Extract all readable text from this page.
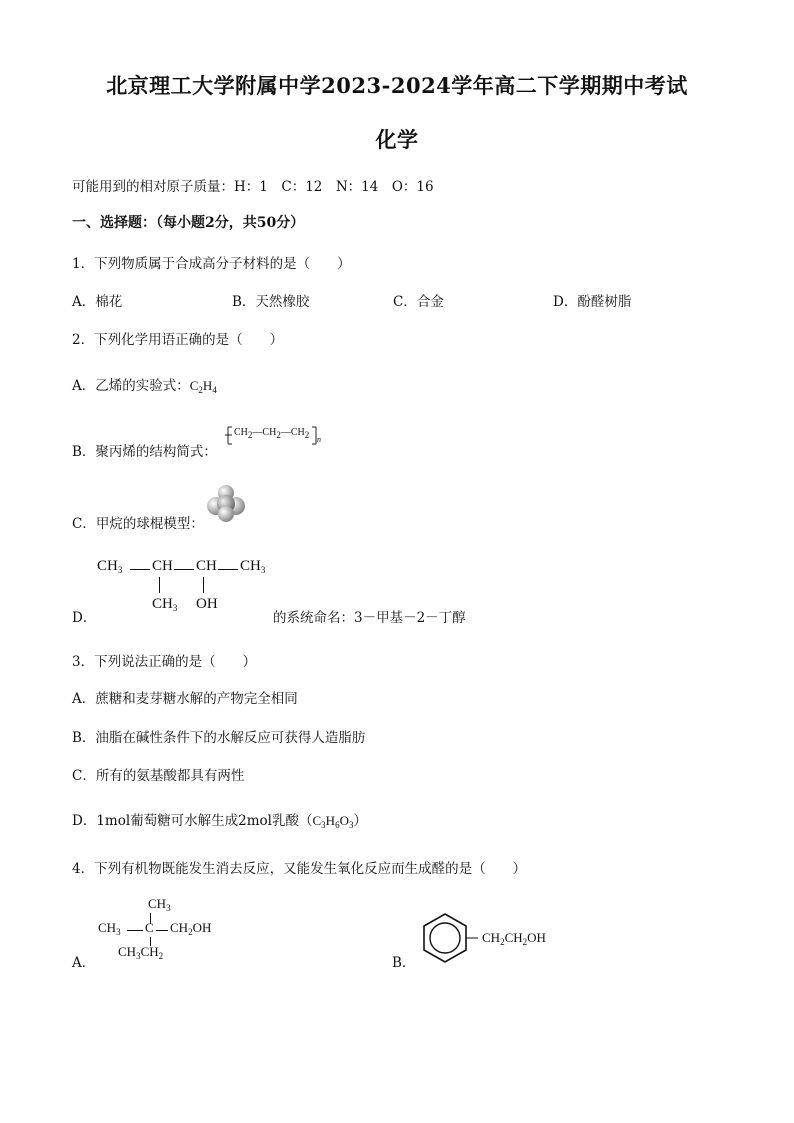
北京理工大学附属中学2023-2024学年高二下学期期中考试
化学
可能用到的相对原子质量：H：1　C：12　N：14　O：16
一、选择题：（每小题2分，共50分）
1．下列物质属于合成高分子材料的是（　　）
A．棉花	B．天然橡胶	C．合金	D．酚醛树脂
2．下列化学用语正确的是（　　）
A．乙烯的实验式：$C_2H_4$
B．聚丙烯的结构简式：
$CH_2—CH_2—CH_2$ n
C．甲烷的球棍模型：
$CH_3$ CH CH $CH_3$
$CH_3$ OH
D．	的系统命名：3－甲基－2－丁醇
3．下列说法正确的是（　　）
A．蔗糖和麦芽糖水解的产物完全相同
B．油脂在碱性条件下的水解反应可获得人造脂肪
C．所有的氨基酸都具有两性
D．1mol葡萄糖可水解生成2mol乳酸$(C_3H_6O_3)$
4．下列有机物既能发生消去反应，又能发生氧化反应而生成醛的是（　　）
A．
$CH_3$
$CH_3$ C $CH_2OH$
$CH_3CH_2$	B．
$CH_2CH_2OH$
